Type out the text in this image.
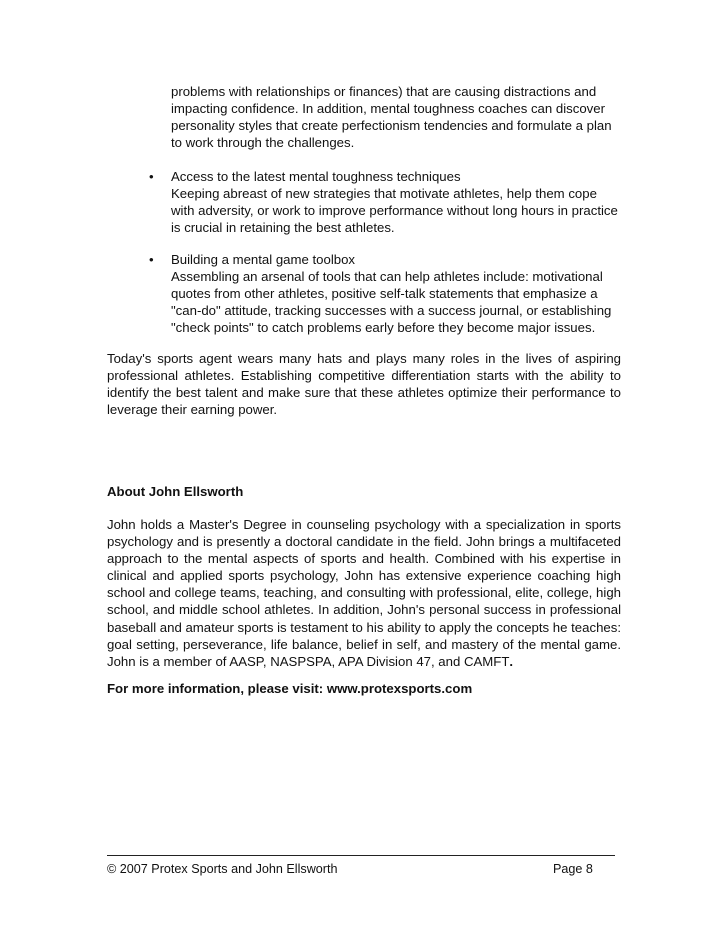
problems with relationships or finances) that are causing distractions and impacting confidence. In addition, mental toughness coaches can discover personality styles that create perfectionism tendencies and formulate a plan to work through the challenges.
• Access to the latest mental toughness techniques
Keeping abreast of new strategies that motivate athletes, help them cope with adversity, or work to improve performance without long hours in practice is crucial in retaining the best athletes.
• Building a mental game toolbox
Assembling an arsenal of tools that can help athletes include: motivational quotes from other athletes, positive self-talk statements that emphasize a "can-do" attitude, tracking successes with a success journal, or establishing "check points" to catch problems early before they become major issues.
Today's sports agent wears many hats and plays many roles in the lives of aspiring professional athletes. Establishing competitive differentiation starts with the ability to identify the best talent and make sure that these athletes optimize their performance to leverage their earning power.
About John Ellsworth
John holds a Master's Degree in counseling psychology with a specialization in sports psychology and is presently a doctoral candidate in the field. John brings a multifaceted approach to the mental aspects of sports and health. Combined with his expertise in clinical and applied sports psychology, John has extensive experience coaching high school and college teams, teaching, and consulting with professional, elite, college, high school, and middle school athletes. In addition, John's personal success in professional baseball and amateur sports is testament to his ability to apply the concepts he teaches: goal setting, perseverance, life balance, belief in self, and mastery of the mental game. John is a member of AASP, NASPSPA, APA Division 47, and CAMFT.
For more information, please visit: www.protexsports.com
© 2007 Protex Sports and John Ellsworth	Page 8
